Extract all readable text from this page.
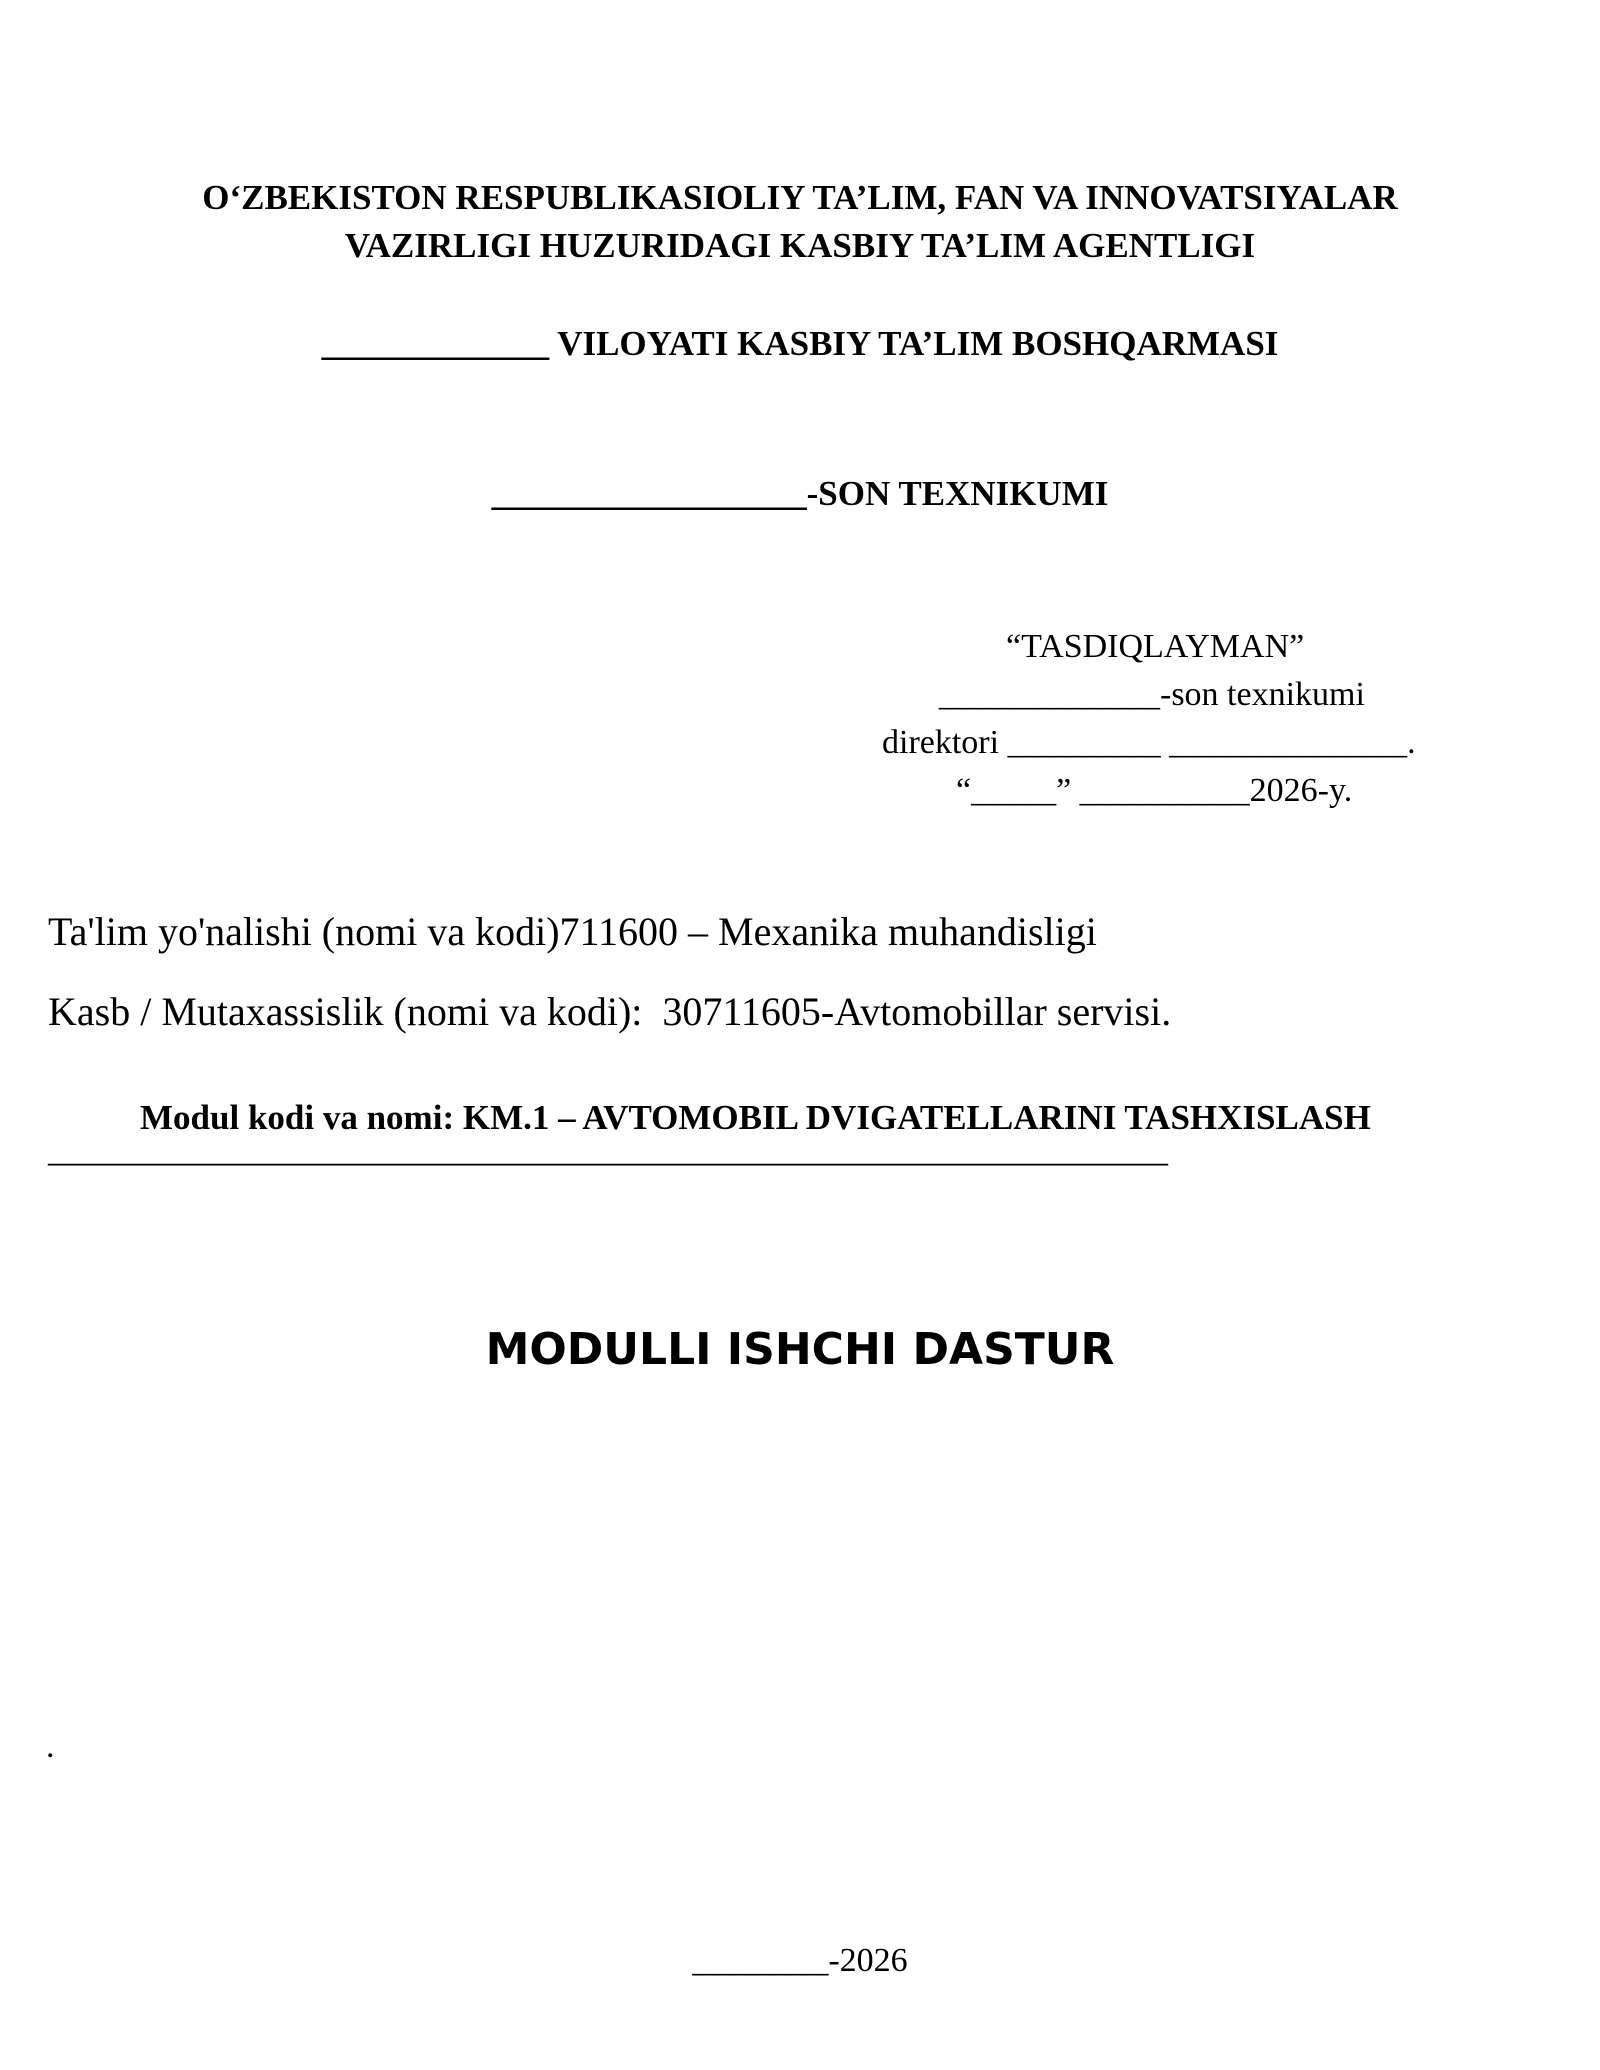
O‘ZBEKISTON RESPUBLIKASIOLIY TA’LIM, FAN VA INNOVATSIYALAR
VAZIRLIGI HUZURIDAGI KASBIY TA’LIM AGENTLIGI
_____________ VILOYATI KASBIY TA’LIM BOSHQARMASI
__________________-SON TEXNIKUMI
“TASDIQLAYMAN”
_____________-son texnikumi
direktori _________ ______________.
“_____” __________2026-y.
Ta'lim yo'nalishi (nomi va kodi)711600 – Mexanika muhandisligi
Kasb / Mutaxassislik (nomi va kodi):  30711605-Avtomobillar servisi.
Modul kodi va nomi: KM.1 – AVTOMOBIL DVIGATELLARINI TASHXISLASH
________________________________________________________________
MODULLI ISHCHI DASTUR
.
________-2026
